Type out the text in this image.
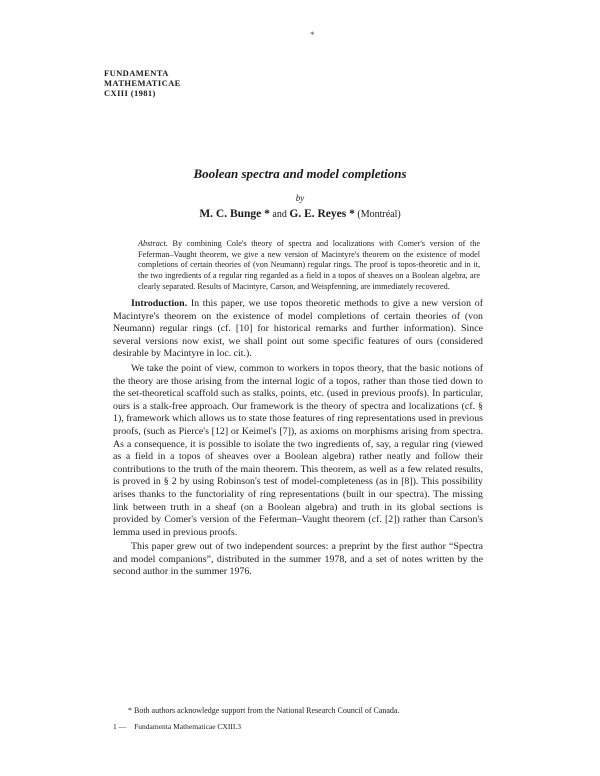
*
FUNDAMENTA
MATHEMATICAE
CXIII (1981)
Boolean spectra and model completions
by
M. C. Bunge * and G. E. Reyes * (Montréal)
Abstract. By combining Cole's theory of spectra and localizations with Comer's version of the Feferman–Vaught theorem, we give a new version of Macintyre's theorem on the existence of model completions of certain theories of (von Neumann) regular rings. The proof is topos-theoretic and in it, the two ingredients of a regular ring regarded as a field in a topos of sheaves on a Boolean algebra, are clearly separated. Results of Macintyre, Carson, and Weispfenning, are immediately recovered.

Introduction. In this paper, we use topos theoretic methods to give a new version of Macintyre's theorem on the existence of model completions of certain theories of (von Neumann) regular rings (cf. [10] for historical remarks and further information). Since several versions now exist, we shall point out some specific features of ours (considered desirable by Macintyre in loc. cit.).

We take the point of view, common to workers in topos theory, that the basic notions of the theory are those arising from the internal logic of a topos, rather than those tied down to the set-theoretical scaffold such as stalks, points, etc. (used in previous proofs). In particular, ours is a stalk-free approach. Our framework is the theory of spectra and localizations (cf. § 1), framework which allows us to state those features of ring representations used in previous proofs, (such as Pierce's [12] or Keimel's [7]), as axioms on morphisms arising from spectra. As a consequence, it is possible to isolate the two ingredients of, say, a regular ring (viewed as a field in a topos of sheaves over a Boolean algebra) rather neatly and follow their contributions to the truth of the main theorem. This theorem, as well as a few related results, is proved in § 2 by using Robinson's test of model-completeness (as in [8]). This possibility arises thanks to the functoriality of ring representations (built in our spectra). The missing link between truth in a sheaf (on a Boolean algebra) and truth in its global sections is provided by Comer's version of the Feferman–Vaught theorem (cf. [2]) rather than Carson's lemma used in previous proofs.

This paper grew out of two independent sources: a preprint by the first author “Spectra and model companions”, distributed in the summer 1978, and a set of notes written by the second author in the summer 1976.

* Both authors acknowledge support from the National Research Council of Canada.
1 — Fundamenta Mathematicae CXIII.3
